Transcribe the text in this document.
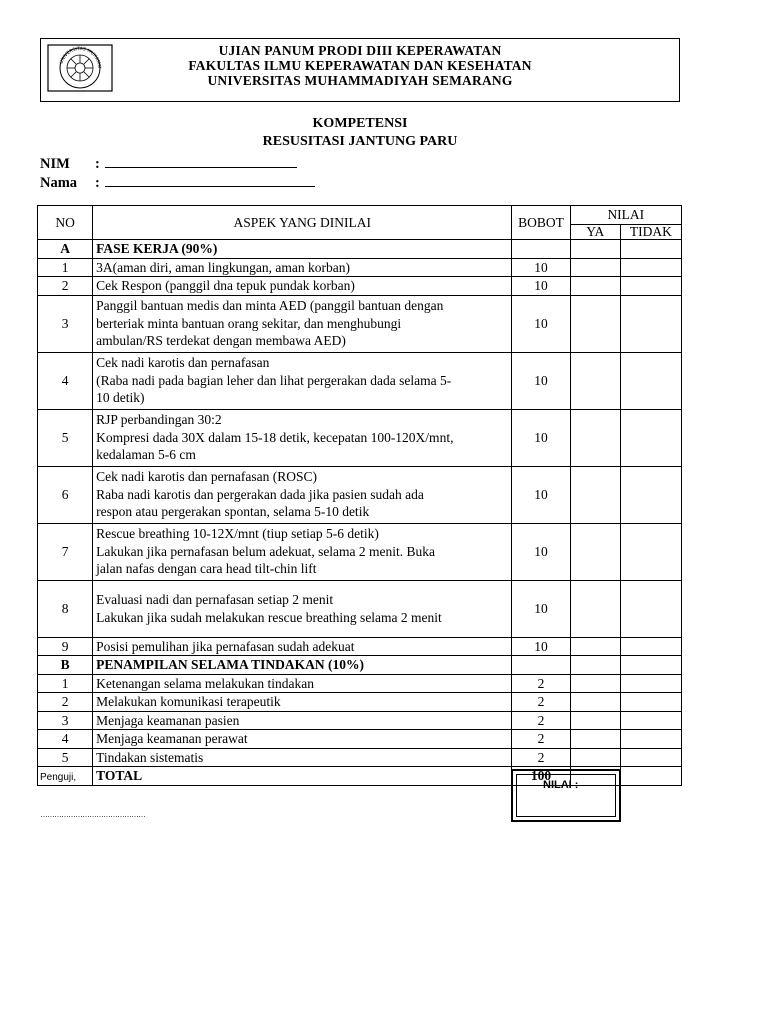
UJIAN PANUM PRODI DIII KEPERAWATAN
FAKULTAS ILMU KEPERAWATAN DAN KESEHATAN
UNIVERSITAS MUHAMMADIYAH SEMARANG
UNIVERSITAS MUHAMM
KOMPETENSI
RESUSITASI JANTUNG PARU
NIM :
Nama :
NO	ASPEK YANG DINILAI	BOBOT	NILAI	
			YA	TIDAK
A	FASE KERJA (90%)			
1	3A(aman diri, aman lingkungan, aman korban)	10		
2	Cek Respon (panggil dna tepuk pundak korban)	10		
3	Panggil bantuan medis dan minta AED (panggil bantuan dengan
berteriak minta bantuan orang sekitar, dan menghubungi
ambulan/RS terdekat dengan membawa AED)	10		
4	Cek nadi karotis dan pernafasan
(Raba nadi pada bagian leher dan lihat pergerakan dada selama 5-
10 detik)	10		
5	RJP perbandingan 30:2
Kompresi dada 30X dalam 15-18 detik, kecepatan 100-120X/mnt,
kedalaman 5-6 cm	10		
6	Cek nadi karotis dan pernafasan (ROSC)
Raba nadi karotis dan pergerakan dada jika pasien sudah ada
respon atau pergerakan spontan, selama 5-10 detik	10		
7	Rescue breathing 10-12X/mnt (tiup setiap 5-6 detik)
Lakukan jika pernafasan belum adekuat, selama 2 menit. Buka
jalan nafas dengan cara head tilt-chin lift	10		
8	Evaluasi nadi dan pernafasan setiap 2 menit
Lakukan jika sudah melakukan rescue breathing selama 2 menit	10		
9	Posisi pemulihan jika pernafasan sudah adekuat	10		
B	PENAMPILAN SELAMA TINDAKAN (10%)			
1	Ketenangan selama melakukan tindakan	2		
2	Melakukan komunikasi terapeutik	2		
3	Menjaga keamanan pasien	2		
4	Menjaga keamanan perawat	2		
5	Tindakan sistematis	2		
	TOTAL	100		
Penguji,
………………………………………
NILAI :
